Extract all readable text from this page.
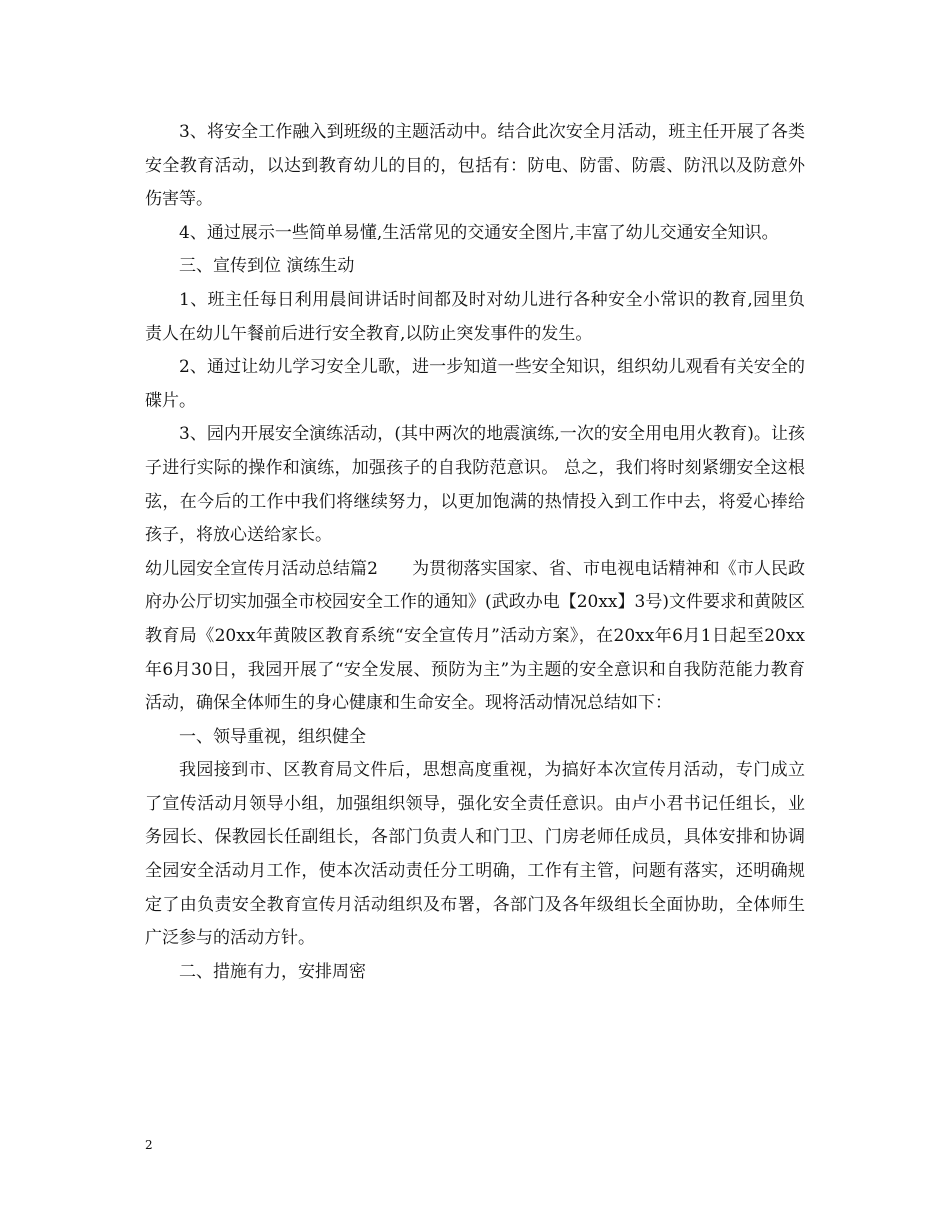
3、将安全工作融入到班级的主题活动中。结合此次安全月活动，班主任开展了各类安全教育活动，以达到教育幼儿的目的，包括有：防电、防雷、防震、防汛以及防意外伤害等。

4、通过展示一些简单易懂,生活常见的交通安全图片,丰富了幼儿交通安全知识。

三、宣传到位 演练生动

1、班主任每日利用晨间讲话时间都及时对幼儿进行各种安全小常识的教育,园里负责人在幼儿午餐前后进行安全教育,以防止突发事件的发生。

2、通过让幼儿学习安全儿歌，进一步知道一些安全知识，组织幼儿观看有关安全的碟片。

3、园内开展安全演练活动，(其中两次的地震演练,一次的安全用电用火教育)。让孩子进行实际的操作和演练，加强孩子的自我防范意识。 总之，我们将时刻紧绷安全这根弦，在今后的工作中我们将继续努力，以更加饱满的热情投入到工作中去，将爱心捧给孩子，将放心送给家长。

幼儿园安全宣传月活动总结篇2　　为贯彻落实国家、省、市电视电话精神和《市人民政府办公厅切实加强全市校园安全工作的通知》(武政办电【20xx】3号)文件要求和黄陂区教育局《20xx年黄陂区教育系统“安全宣传月”活动方案》，在20xx年6月1日起至20xx年6月30日，我园开展了“安全发展、预防为主”为主题的安全意识和自我防范能力教育活动，确保全体师生的身心健康和生命安全。现将活动情况总结如下：

一、领导重视，组织健全

我园接到市、区教育局文件后，思想高度重视，为搞好本次宣传月活动，专门成立了宣传活动月领导小组，加强组织领导，强化安全责任意识。由卢小君书记任组长，业务园长、保教园长任副组长，各部门负责人和门卫、门房老师任成员，具体安排和协调全园安全活动月工作，使本次活动责任分工明确，工作有主管，问题有落实，还明确规定了由负责安全教育宣传月活动组织及布署，各部门及各年级组长全面协助，全体师生广泛参与的活动方针。

二、措施有力，安排周密

2
